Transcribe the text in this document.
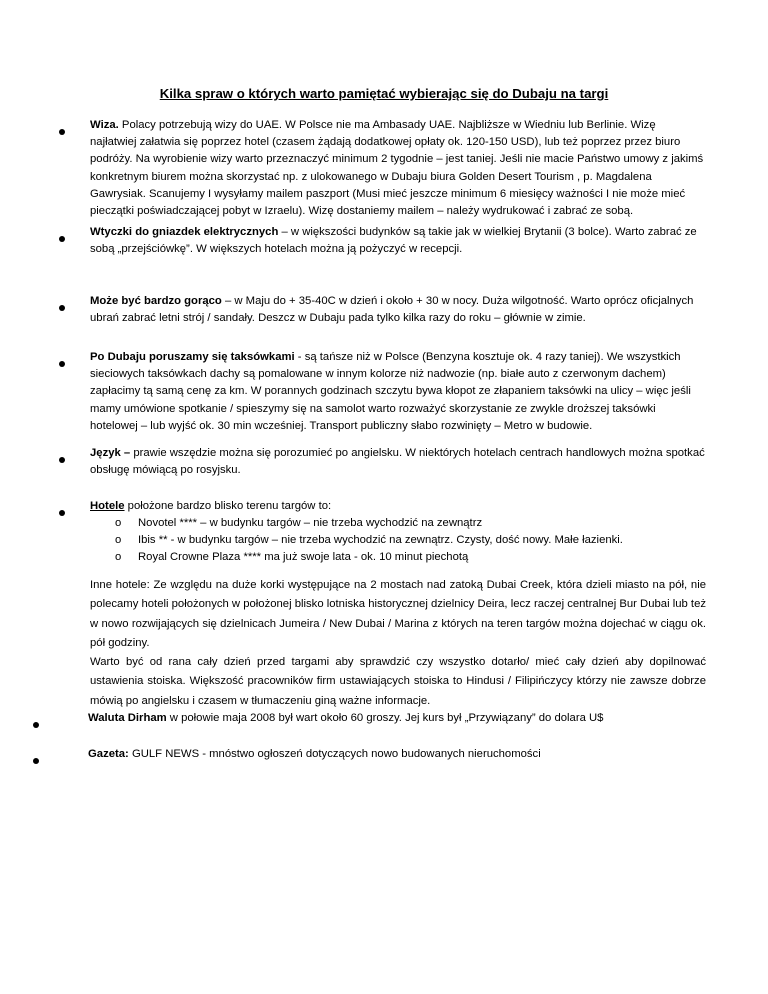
Kilka spraw o których warto pamiętać wybierając się do Dubaju na targi
Wiza. Polacy potrzebują wizy do UAE. W Polsce nie ma Ambasady UAE. Najbliższe w Wiedniu lub Berlinie. Wizę najłatwiej załatwia się poprzez hotel (czasem żądają dodatkowej opłaty ok. 120-150 USD), lub też poprzez przez biuro podróży. Na wyrobienie wizy warto przeznaczyć minimum 2 tygodnie – jest taniej. Jeśli nie macie Państwo umowy z jakimś konkretnym biurem można skorzystać np. z ulokowanego w Dubaju biura Golden Desert Tourism , p. Magdalena Gawrysiak. Scanujemy I wysyłamy mailem paszport (Musi mieć jeszcze minimum 6 miesięcy ważności I nie może mieć pieczątki poświadczającej pobyt w Izraelu). Wizę dostaniemy mailem – należy wydrukować i zabrać ze sobą.
Wtyczki do gniazdek elektrycznych – w większości budynków są takie jak w wielkiej Brytanii (3 bolce). Warto zabrać ze sobą „przejściówkę”. W większych hotelach można ją pożyczyć w recepcji.
Może być bardzo gorąco – w Maju do + 35-40C w dzień i około + 30 w nocy. Duża wilgotność. Warto oprócz oficjalnych ubrań zabrać letni strój / sandały. Deszcz w Dubaju pada tylko kilka razy do roku – głównie w zimie.
Po Dubaju poruszamy się taksówkami - są tańsze niż w Polsce (Benzyna kosztuje ok. 4 razy taniej). We wszystkich sieciowych taksówkach dachy są pomalowane w innym kolorze niż nadwozie (np. białe auto z czerwonym dachem) zapłacimy tą samą cenę za km. W porannych godzinach szczytu bywa kłopot ze złapaniem taksówki na ulicy – więc jeśli mamy umówione spotkanie / spieszymy się na samolot warto rozważyć skorzystanie ze zwykle droższej taksówki hotelowej – lub wyjść ok. 30 min wcześniej. Transport publiczny słabo rozwinięty – Metro w budowie.
Język – prawie wszędzie można się porozumieć po angielsku. W niektórych hotelach centrach handlowych można spotkać obsługę mówiącą po rosyjsku.
Hotele położone bardzo blisko terenu targów to:
o Novotel **** – w budynku targów – nie trzeba wychodzić na zewnątrz
o Ibis ** - w budynku targów – nie trzeba wychodzić na zewnątrz. Czysty, dość nowy. Małe łazienki.
o Royal Crowne Plaza **** ma już swoje lata - ok. 10 minut piechotą
Inne hotele: Ze względu na duże korki występujące na 2 mostach nad zatoką Dubai Creek, która dzieli miasto na pół, nie polecamy hoteli położonych w położonej blisko lotniska historycznej dzielnicy Deira, lecz raczej centralnej Bur Dubai lub też w nowo rozwijających się dzielnicach Jumeira / New Dubai / Marina z których na teren targów można dojechać w ciągu ok. pół godziny.
Warto być od rana cały dzień przed targami aby sprawdzić czy wszystko dotarło/ mieć cały dzień aby dopilnować ustawienia stoiska. Większość pracowników firm ustawiających stoiska to Hindusi / Filipińczycy którzy nie zawsze dobrze mówią po angielsku i czasem w tłumaczeniu giną ważne informacje.
Waluta Dirham w połowie maja 2008 był wart około 60 groszy. Jej kurs był „Przywiązany” do dolara U$
Gazeta: GULF NEWS - mnóstwo ogłoszeń dotyczących nowo budowanych nieruchomości
